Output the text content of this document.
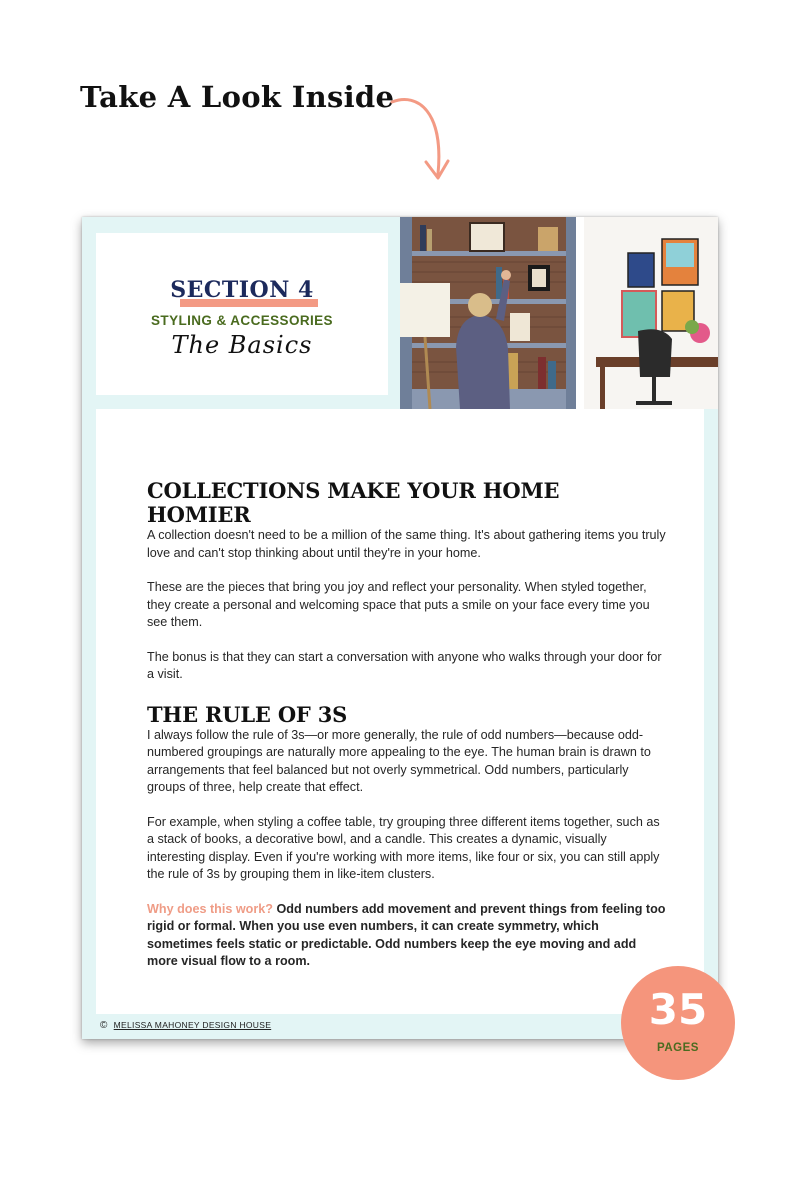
Take A Look Inside
SECTION 4
STYLING & ACCESSORIES
The Basics
COLLECTIONS MAKE YOUR HOME HOMIER

A collection doesn't need to be a million of the same thing. It's about gathering items you truly love and can't stop thinking about until they're in your home.

These are the pieces that bring you joy and reflect your personality. When styled together, they create a personal and welcoming space that puts a smile on your face every time you see them.

The bonus is that they can start a conversation with anyone who walks through your door for a visit.

THE RULE OF 3S

I always follow the rule of 3s—or more generally, the rule of odd numbers—because odd-numbered groupings are naturally more appealing to the eye. The human brain is drawn to arrangements that feel balanced but not overly symmetrical. Odd numbers, particularly groups of three, help create that effect.

For example, when styling a coffee table, try grouping three different items together, such as a stack of books, a decorative bowl, and a candle. This creates a dynamic, visually interesting display. Even if you're working with more items, like four or six, you can still apply the rule of 3s by grouping them in like-item clusters.

Why does this work? Odd numbers add movement and prevent things from feeling too rigid or formal. When you use even numbers, it can create symmetry, which sometimes feels static or predictable. Odd numbers keep the eye moving and add more visual flow to a room.

© MELISSA MAHONEY DESIGN HOUSE	35
PAGES
